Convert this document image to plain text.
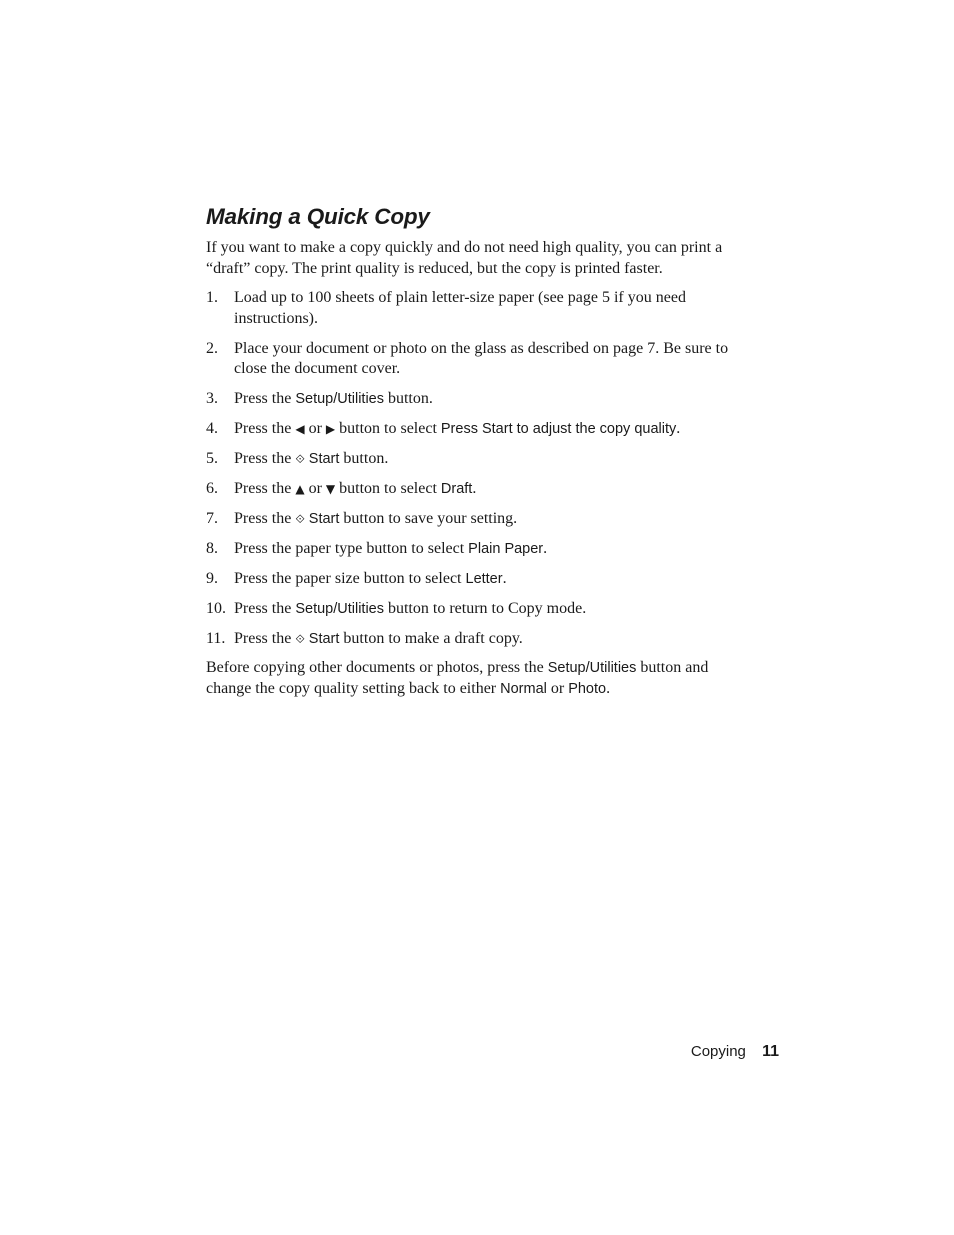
Making a Quick Copy

If you want to make a copy quickly and do not need high quality, you can print a “draft” copy. The print quality is reduced, but the copy is printed faster.

1.	Load up to 100 sheets of plain letter-size paper (see page 5 if you need instructions).
2.	Place your document or photo on the glass as described on page 7. Be sure to close the document cover.
3.	Press the Setup/Utilities button.
4.	Press the ◀ or ▶ button to select Press Start to adjust the copy quality.
5.	Press the ⟐ Start button.
6.	Press the ▲ or ▼ button to select Draft.
7.	Press the ⟐ Start button to save your setting.
8.	Press the paper type button to select Plain Paper.
9.	Press the paper size button to select Letter.
10. Press the Setup/Utilities button to return to Copy mode.
11. Press the ⟐ Start button to make a draft copy.

Before copying other documents or photos, press the Setup/Utilities button and change the copy quality setting back to either Normal or Photo.

Copying 11
